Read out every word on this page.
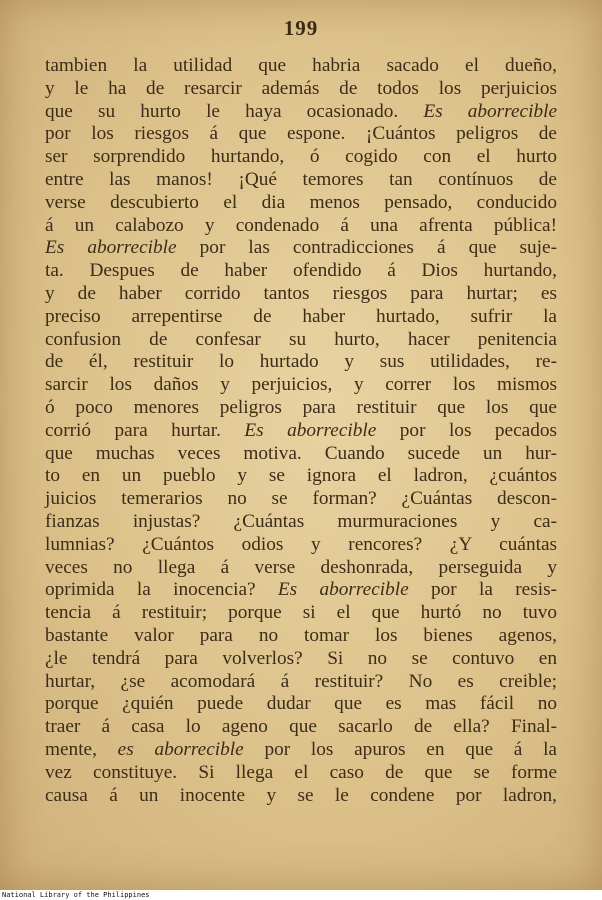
199
tambien la utilidad que habria sacado el dueño,
y le ha de resarcir además de todos los perjuicios
que su hurto le haya ocasionado. Es aborrecible
por los riesgos á que espone. ¡Cuántos peligros de
ser sorprendido hurtando, ó cogido con el hurto
entre las manos! ¡Qué temores tan contínuos de
verse descubierto el dia menos pensado, conducido
á un calabozo y condenado á una afrenta pública!
Es aborrecible por las contradicciones á que suje-
ta. Despues de haber ofendido á Dios hurtando,
y de haber corrido tantos riesgos para hurtar; es
preciso arrepentirse de haber hurtado, sufrir la
confusion de confesar su hurto, hacer penitencia
de él, restituir lo hurtado y sus utilidades, re-
sarcir los daños y perjuicios, y correr los mismos
ó poco menores peligros para restituir que los que
corrió para hurtar. Es aborrecible por los pecados
que muchas veces motiva. Cuando sucede un hur-
to en un pueblo y se ignora el ladron, ¿cuántos
juicios temerarios no se forman? ¿Cuántas descon-
fianzas injustas? ¿Cuántas murmuraciones y ca-
lumnias? ¿Cuántos odios y rencores? ¿Y cuántas
veces no llega á verse deshonrada, perseguida y
oprimida la inocencia? Es aborrecible por la resis-
tencia á restituir; porque si el que hurtó no tuvo
bastante valor para no tomar los bienes agenos,
¿le tendrá para volverlos? Si no se contuvo en
hurtar, ¿se acomodará á restituir? No es creible;
porque ¿quién puede dudar que es mas fácil no
traer á casa lo ageno que sacarlo de ella? Final-
mente, es aborrecible por los apuros en que á la
vez constituye. Si llega el caso de que se forme
causa á un inocente y se le condene por ladron,
National Library of the Philippines
